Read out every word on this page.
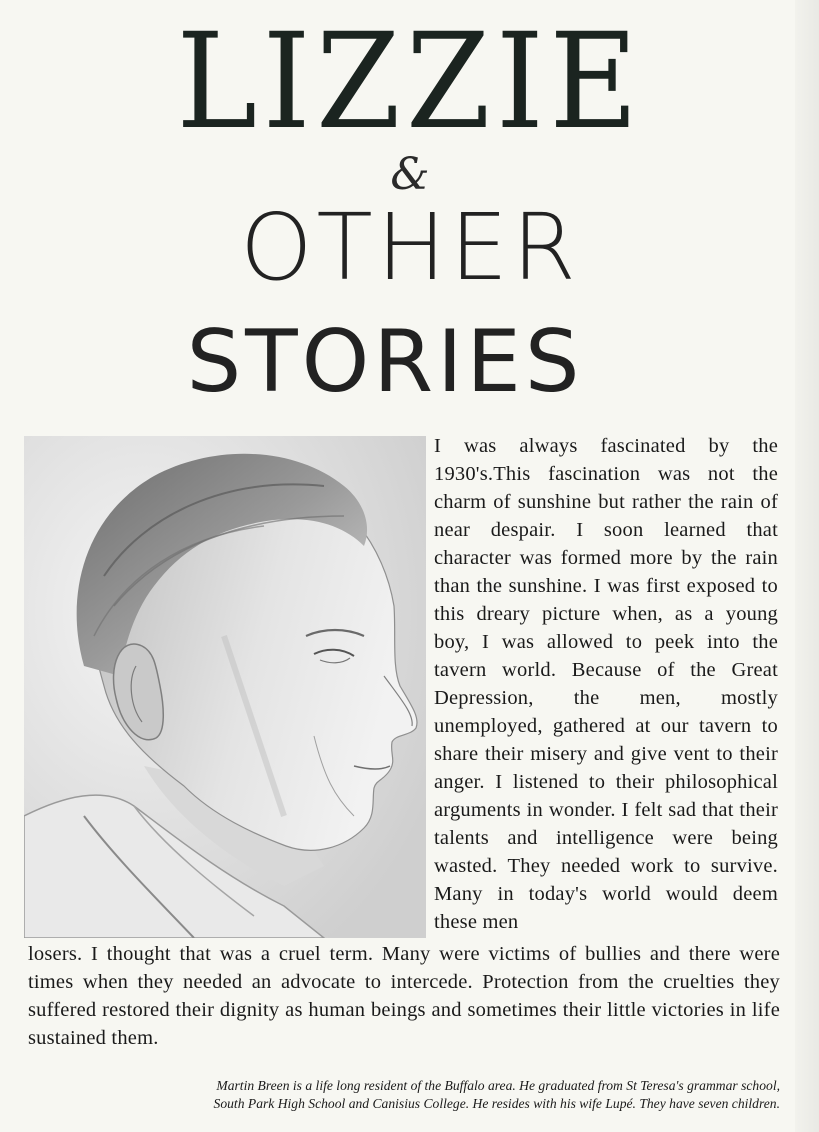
LIZZIE
&
OTHER
STORIES
I was always fascinated by the 1930's.This fascination was not the charm of sunshine but rather the rain of near despair. I soon learned that character was formed more by the rain than the sunshine. I was first exposed to this dreary picture when, as a young boy, I was allowed to peek into the tavern world. Because of the Great Depression, the men, mostly unemployed, gathered at our tavern to share their misery and give vent to their anger. I listened to their philosophical arguments in wonder. I felt sad that their talents and intelligence were being wasted. They needed work to survive. Many in today's world would deem these men
losers. I thought that was a cruel term. Many were victims of bullies and there were times when they needed an advocate to intercede. Protection from the cruelties they suffered restored their dignity as human beings and sometimes their little victories in life sustained them.
Martin Breen is a life long resident of the Buffalo area. He graduated from St Teresa's grammar school,
South Park High School and Canisius College. He resides with his wife Lupé. They have seven children.
